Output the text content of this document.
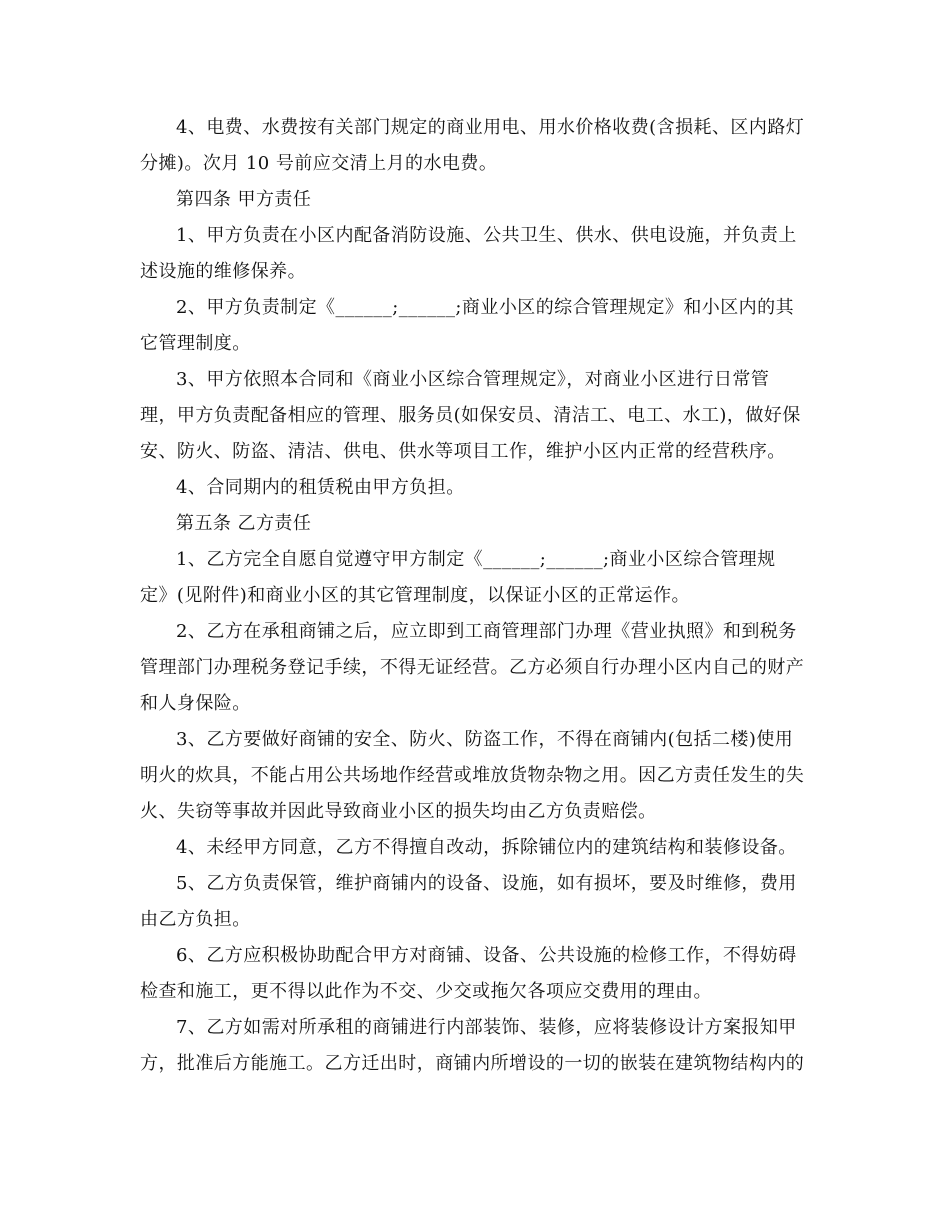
4、电费、水费按有关部门规定的商业用电、用水价格收费(含损耗、区内路灯
分摊)。次月 10 号前应交清上月的水电费。
第四条 甲方责任
1、甲方负责在小区内配备消防设施、公共卫生、供水、供电设施，并负责上
述设施的维修保养。
2、甲方负责制定《______;______;商业小区的综合管理规定》和小区内的其
它管理制度。
3、甲方依照本合同和《商业小区综合管理规定》，对商业小区进行日常管
理，甲方负责配备相应的管理、服务员(如保安员、清洁工、电工、水工)，做好保
安、防火、防盗、清洁、供电、供水等项目工作，维护小区内正常的经营秩序。
4、合同期内的租赁税由甲方负担。
第五条 乙方责任
1、乙方完全自愿自觉遵守甲方制定《______;______;商业小区综合管理规
定》(见附件)和商业小区的其它管理制度，以保证小区的正常运作。
2、乙方在承租商铺之后，应立即到工商管理部门办理《营业执照》和到税务
管理部门办理税务登记手续，不得无证经营。乙方必须自行办理小区内自己的财产
和人身保险。
3、乙方要做好商铺的安全、防火、防盗工作，不得在商铺内(包括二楼)使用
明火的炊具，不能占用公共场地作经营或堆放货物杂物之用。因乙方责任发生的失
火、失窃等事故并因此导致商业小区的损失均由乙方负责赔偿。
4、未经甲方同意，乙方不得擅自改动，拆除铺位内的建筑结构和装修设备。
5、乙方负责保管，维护商铺内的设备、设施，如有损坏，要及时维修，费用
由乙方负担。
6、乙方应积极协助配合甲方对商铺、设备、公共设施的检修工作，不得妨碍
检查和施工，更不得以此作为不交、少交或拖欠各项应交费用的理由。
7、乙方如需对所承租的商铺进行内部装饰、装修，应将装修设计方案报知甲
方，批准后方能施工。乙方迁出时，商铺内所增设的一切的嵌装在建筑物结构内的
